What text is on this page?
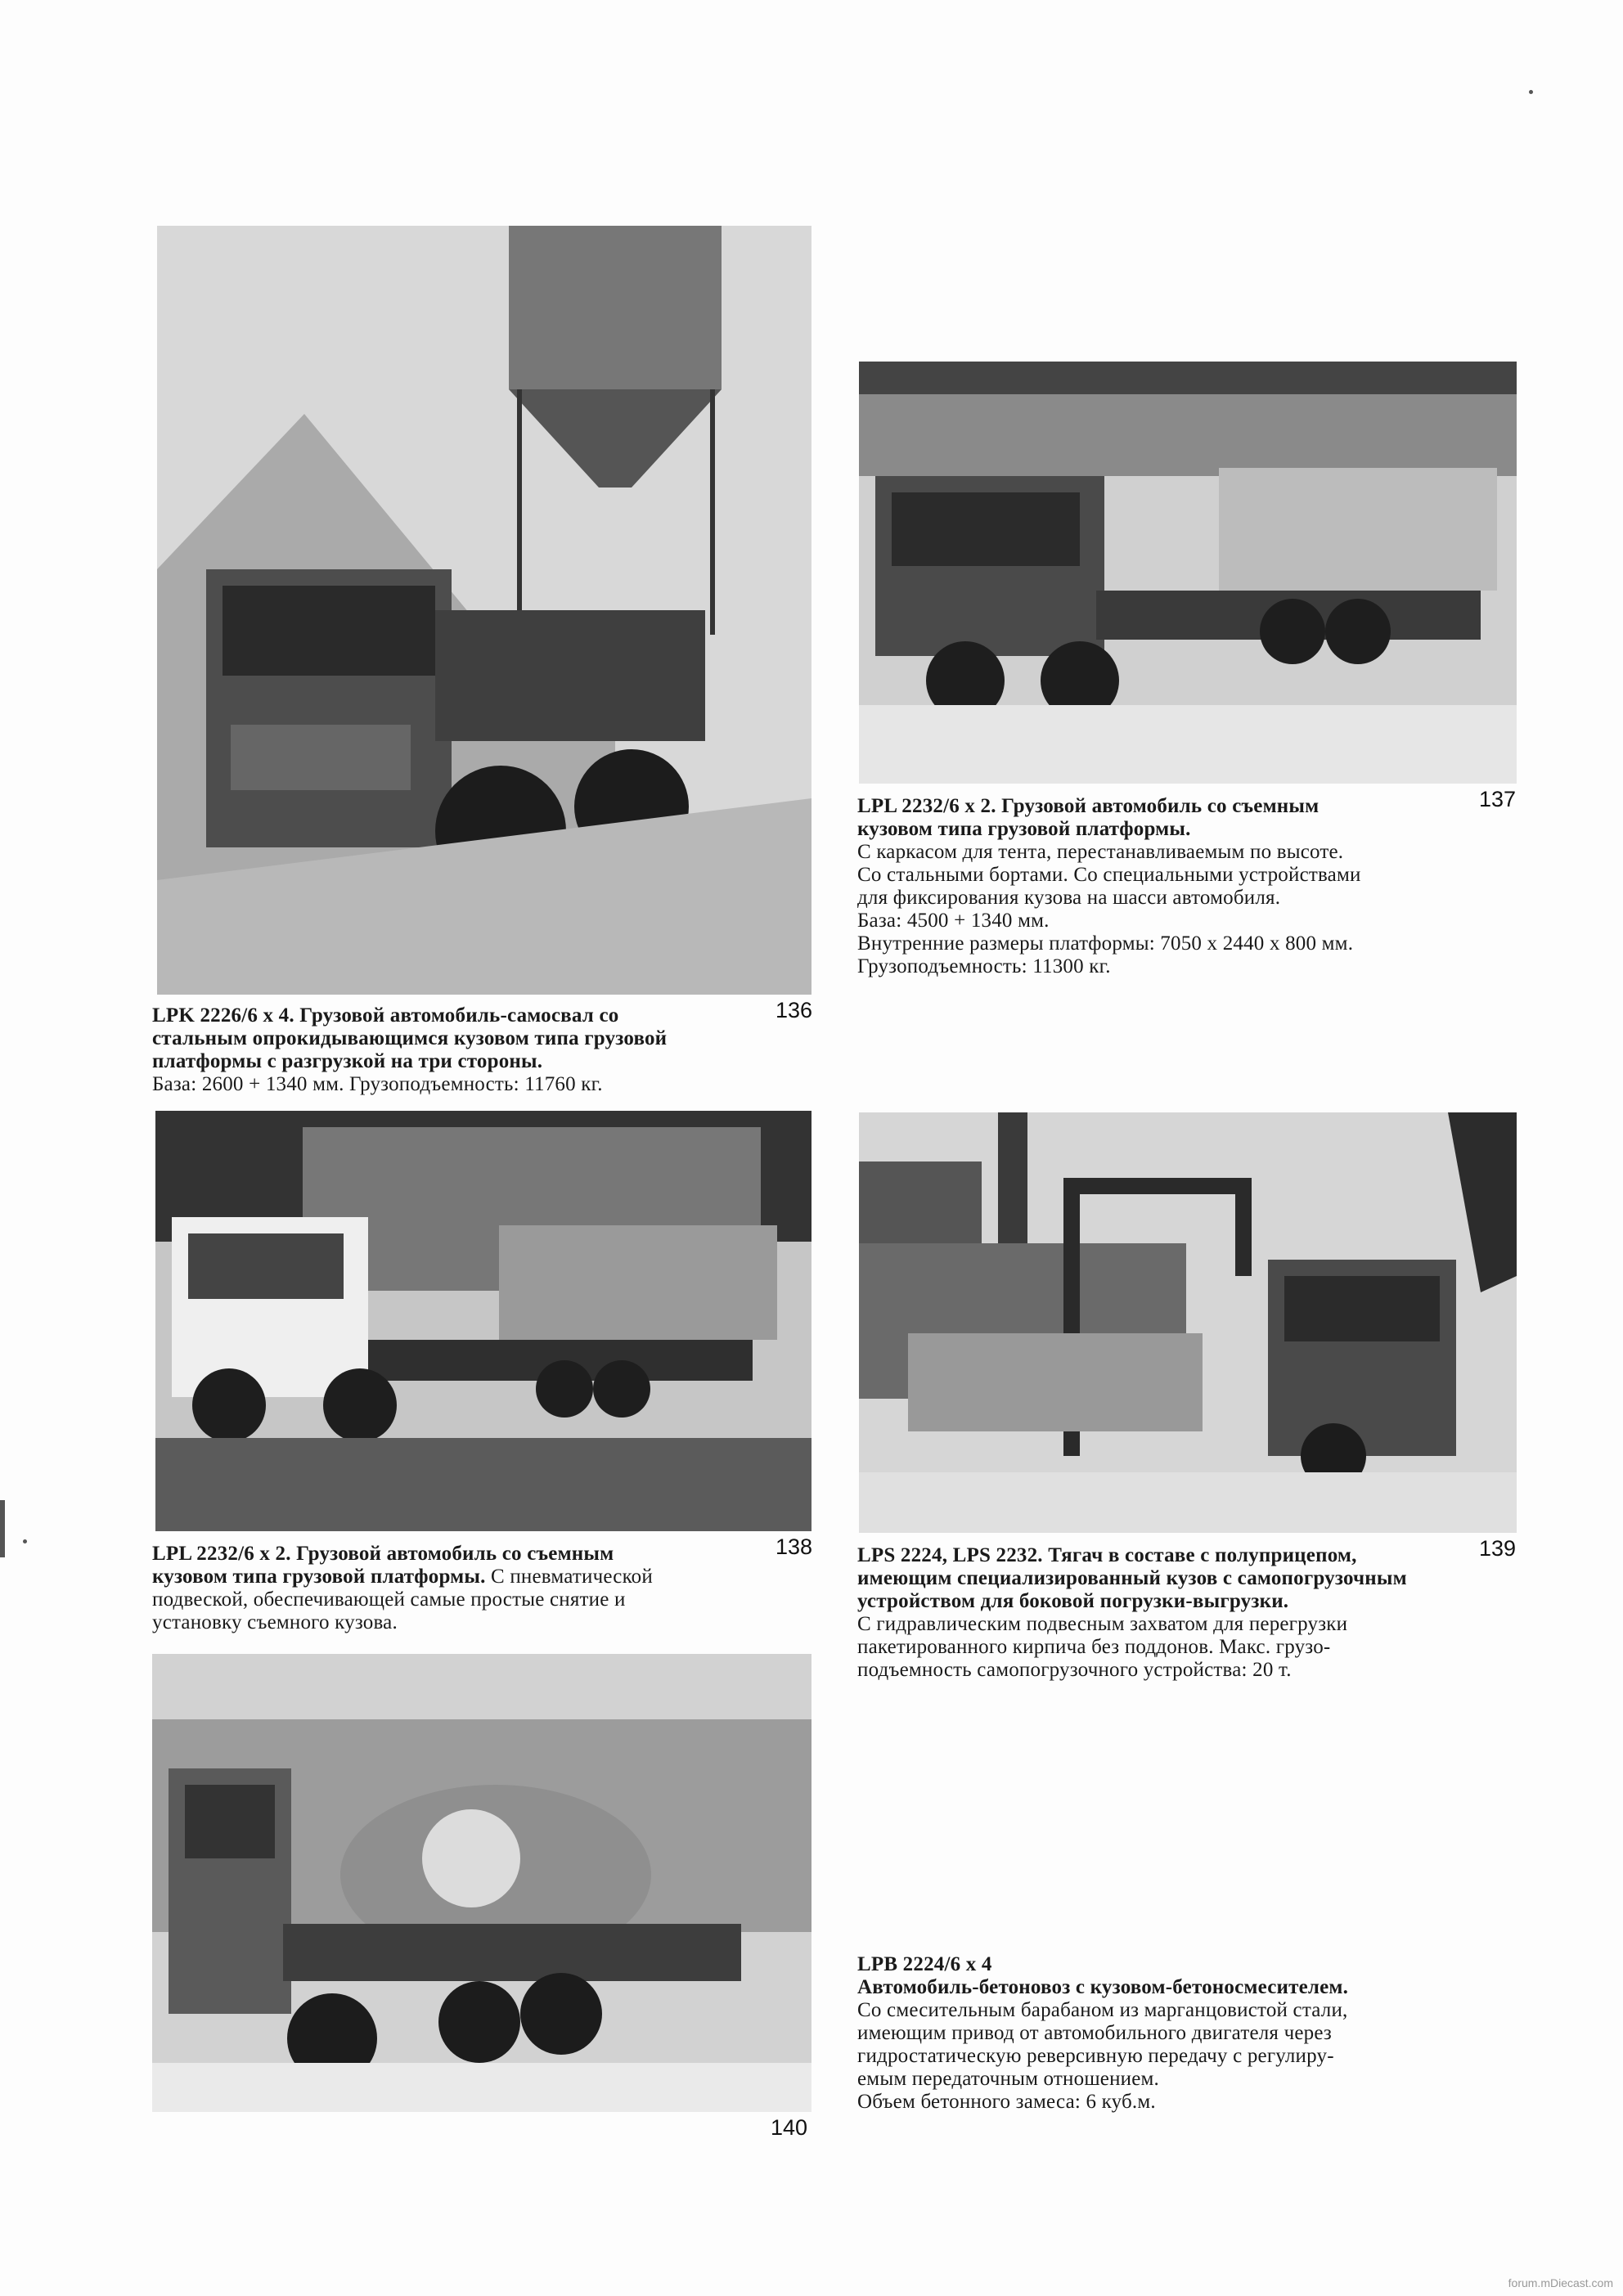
136
LPK 2226/6 x 4. Грузовой автомобиль-самосвал со
стальным опрокидывающимся кузовом типа грузовой
платформы с разгрузкой на три стороны.
База: 2600 + 1340 мм. Грузоподъемность: 11760 кг.
137
LPL 2232/6 x 2. Грузовой автомобиль со съемным
кузовом типа грузовой платформы.
С каркасом для тента, перестанавливаемым по высоте.
Со стальными бортами. Со специальными устройствами
для фиксирования кузова на шасси автомобиля.
База: 4500 + 1340 мм.
Внутренние размеры платформы: 7050 х 2440 х 800 мм.
Грузоподъемность: 11300 кг.
138
LPL 2232/6 x 2. Грузовой автомобиль со съемным
кузовом типа грузовой платформы. С пневматической
подвеской, обеспечивающей самые простые снятие и
установку съемного кузова.
139
LPS 2224, LPS 2232. Тягач в составе с полуприцепом,
имеющим специализированный кузов с самопогрузочным
устройством для боковой погрузки-выгрузки.
С гидравлическим подвесным захватом для перегрузки
пакетированного кирпича без поддонов. Макс. грузо-
подъемность самопогрузочного устройства: 20 т.
140
LPB 2224/6 x 4
Автомобиль-бетоновоз с кузовом-бетоносмесителем.
Со смесительным барабаном из марганцовистой стали,
имеющим привод от автомобильного двигателя через
гидростатическую реверсивную передачу с регулиру-
емым передаточным отношением.
Объем бетонного замеса: 6 куб.м.
forum.mDiecast.com
